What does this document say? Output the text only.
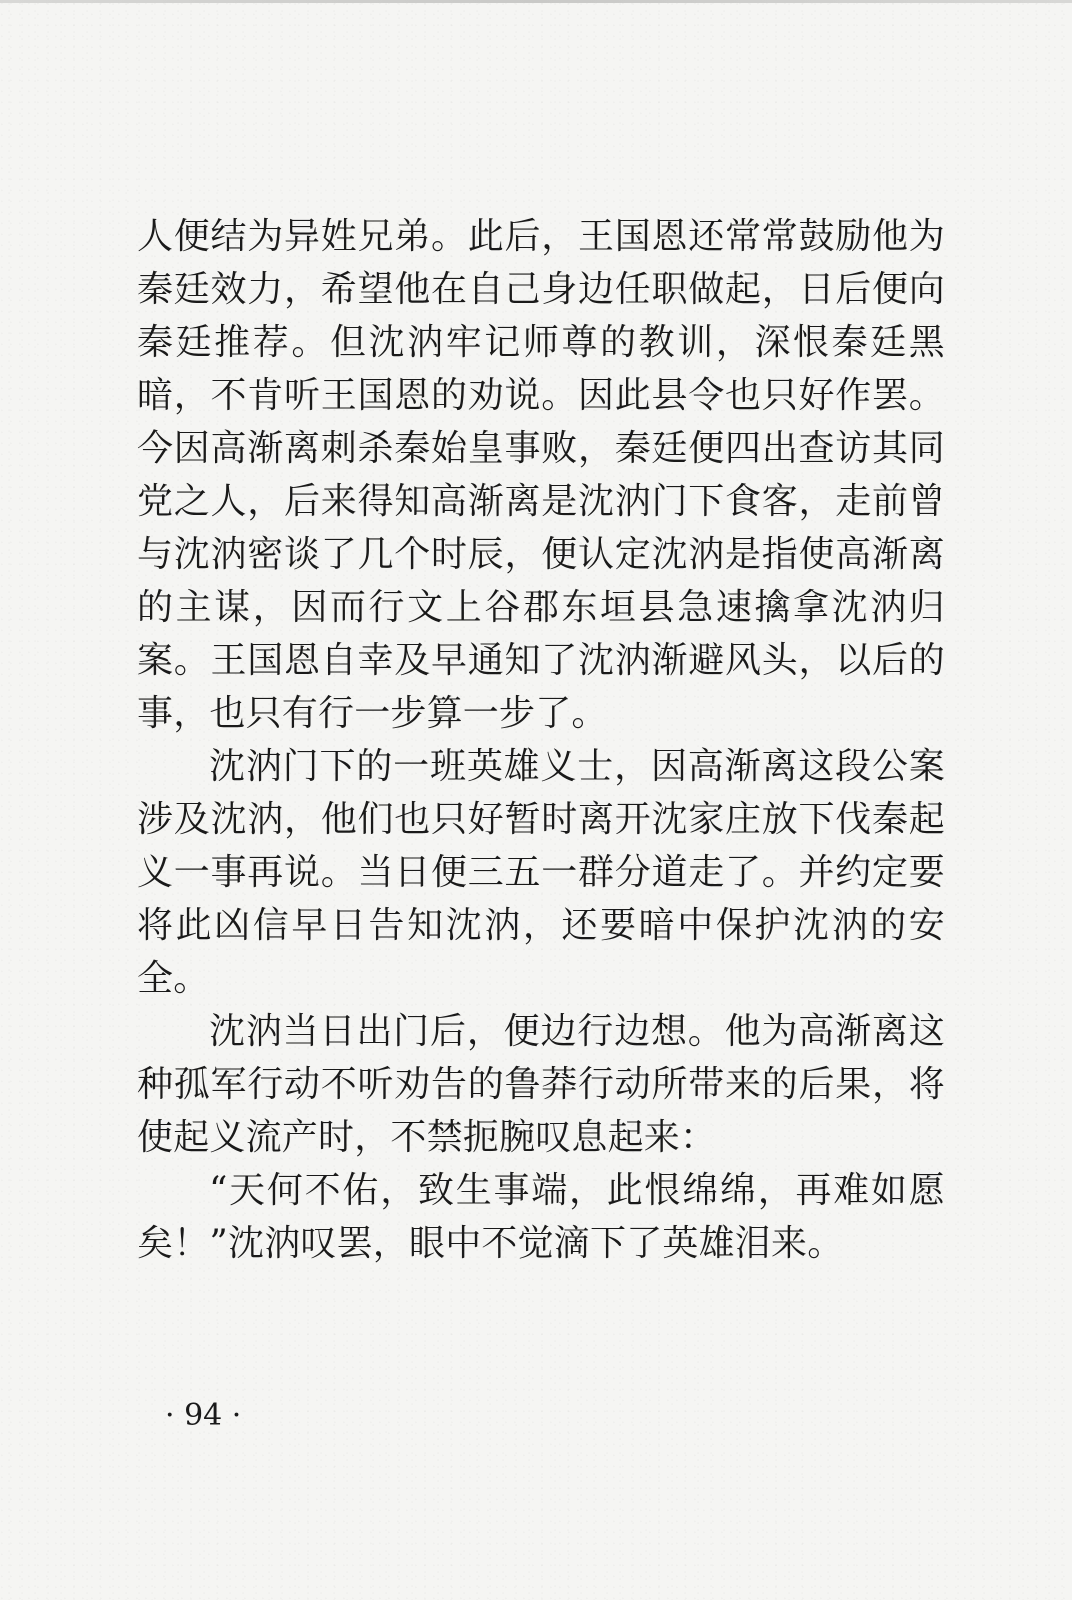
人便结为异姓兄弟。此后，王国恩还常常鼓励他为秦廷效力，希望他在自己身边任职做起，日后便向秦廷推荐。但沈汭牢记师尊的教训，深恨秦廷黑暗，不肯听王国恩的劝说。因此县令也只好作罢。今因高渐离刺杀秦始皇事败，秦廷便四出查访其同党之人，后来得知高渐离是沈汭门下食客，走前曾与沈汭密谈了几个时辰，便认定沈汭是指使高渐离的主谋，因而行文上谷郡东垣县急速擒拿沈汭归案。王国恩自幸及早通知了沈汭渐避风头，以后的事，也只有行一步算一步了。

沈汭门下的一班英雄义士，因高渐离这段公案涉及沈汭，他们也只好暂时离开沈家庄放下伐秦起义一事再说。当日便三五一群分道走了。并约定要将此凶信早日告知沈汭，还要暗中保护沈汭的安全。

沈汭当日出门后，便边行边想。他为高渐离这种孤军行动不听劝告的鲁莽行动所带来的后果，将使起义流产时，不禁扼腕叹息起来：

“天何不佑，致生事端，此恨绵绵，再难如愿矣！”沈汭叹罢，眼中不觉滴下了英雄泪来。

· 94 ·
